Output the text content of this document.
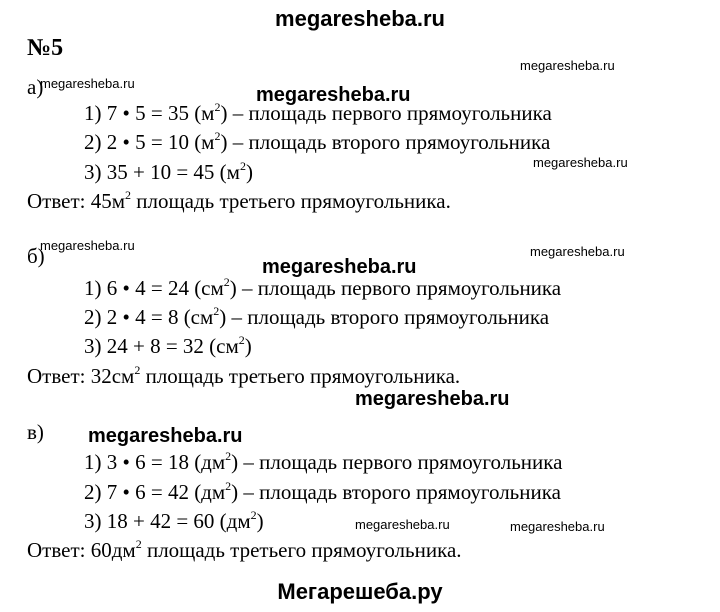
megaresheba.ru
№5
а)
1) 7 • 5 = 35 $(м^2)$ – площадь первого прямоугольника
2) 2 • 5 = 10 $(м^2)$ – площадь второго прямоугольника
3) 35 + 10 = 45 $(м^2)$
Ответ: $45м^2$ площадь третьего прямоугольника.
б)
1) 6 • 4 = 24 $(см^2)$ – площадь первого прямоугольника
2) 2 • 4 = 8 $(см^2)$ – площадь второго прямоугольника
3) 24 + 8 = 32 $(см^2)$
Ответ: $32см^2$ площадь третьего прямоугольника.
в)
1) 3 • 6 = 18 $(дм^2)$ – площадь первого прямоугольника
2) 7 • 6 = 42 $(дм^2)$ – площадь второго прямоугольника
3) 18 + 42 = 60 $(дм^2)$
Ответ: $60дм^2$ площадь третьего прямоугольника.
megaresheba.ru
megaresheba.ru
megaresheba.ru
megaresheba.ru
megaresheba.ru	megaresheba.ru
megaresheba.ru
megaresheba.ru
megaresheba.ru
megaresheba.ru	megaresheba.ru
Мегарешеба.ру
